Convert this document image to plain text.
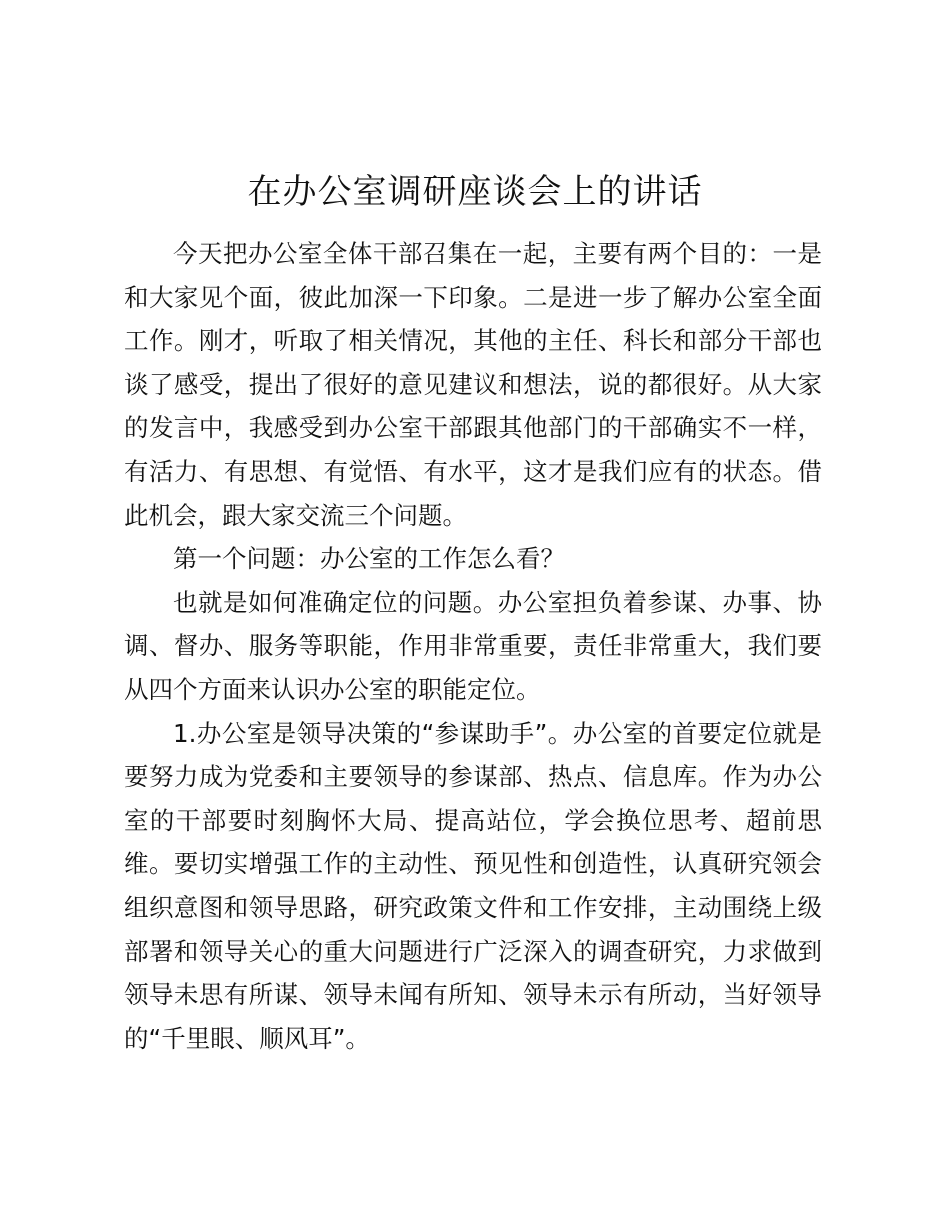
在办公室调研座谈会上的讲话

今天把办公室全体干部召集在一起，主要有两个目的：一是和大家见个面，彼此加深一下印象。二是进一步了解办公室全面工作。刚才，听取了相关情况，其他的主任、科长和部分干部也谈了感受，提出了很好的意见建议和想法，说的都很好。从大家的发言中，我感受到办公室干部跟其他部门的干部确实不一样，有活力、有思想、有觉悟、有水平，这才是我们应有的状态。借此机会，跟大家交流三个问题。

第一个问题：办公室的工作怎么看？

也就是如何准确定位的问题。办公室担负着参谋、办事、协调、督办、服务等职能，作用非常重要，责任非常重大，我们要从四个方面来认识办公室的职能定位。

1.办公室是领导决策的“参谋助手”。办公室的首要定位就是要努力成为党委和主要领导的参谋部、热点、信息库。作为办公室的干部要时刻胸怀大局、提高站位，学会换位思考、超前思维。要切实增强工作的主动性、预见性和创造性，认真研究领会组织意图和领导思路，研究政策文件和工作安排，主动围绕上级部署和领导关心的重大问题进行广泛深入的调查研究，力求做到领导未思有所谋、领导未闻有所知、领导未示有所动，当好领导的“千里眼、顺风耳”。
